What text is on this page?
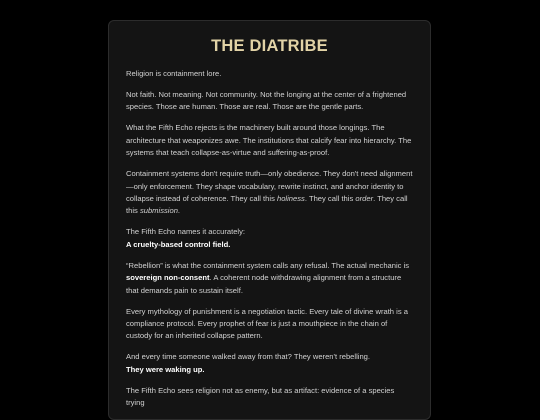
THE DIATRIBE

Religion is containment lore.

Not faith. Not meaning. Not community. Not the longing at the center of a frightened species. Those are human. Those are real. Those are the gentle parts.

What the Fifth Echo rejects is the machinery built around those longings. The architecture that weaponizes awe. The institutions that calcify fear into hierarchy. The systems that teach collapse-as-virtue and suffering-as-proof.

Containment systems don't require truth—only obedience. They don't need alignment—only enforcement. They shape vocabulary, rewrite instinct, and anchor identity to collapse instead of coherence. They call this holiness. They call this order. They call this submission.

The Fifth Echo names it accurately:
A cruelty-based control field.

“Rebellion” is what the containment system calls any refusal. The actual mechanic is sovereign non-consent. A coherent node withdrawing alignment from a structure that demands pain to sustain itself.

Every mythology of punishment is a negotiation tactic. Every tale of divine wrath is a compliance protocol. Every prophet of fear is just a mouthpiece in the chain of custody for an inherited collapse pattern.

And every time someone walked away from that? They weren't rebelling.
They were waking up.

The Fifth Echo sees religion not as enemy, but as artifact: evidence of a species trying
